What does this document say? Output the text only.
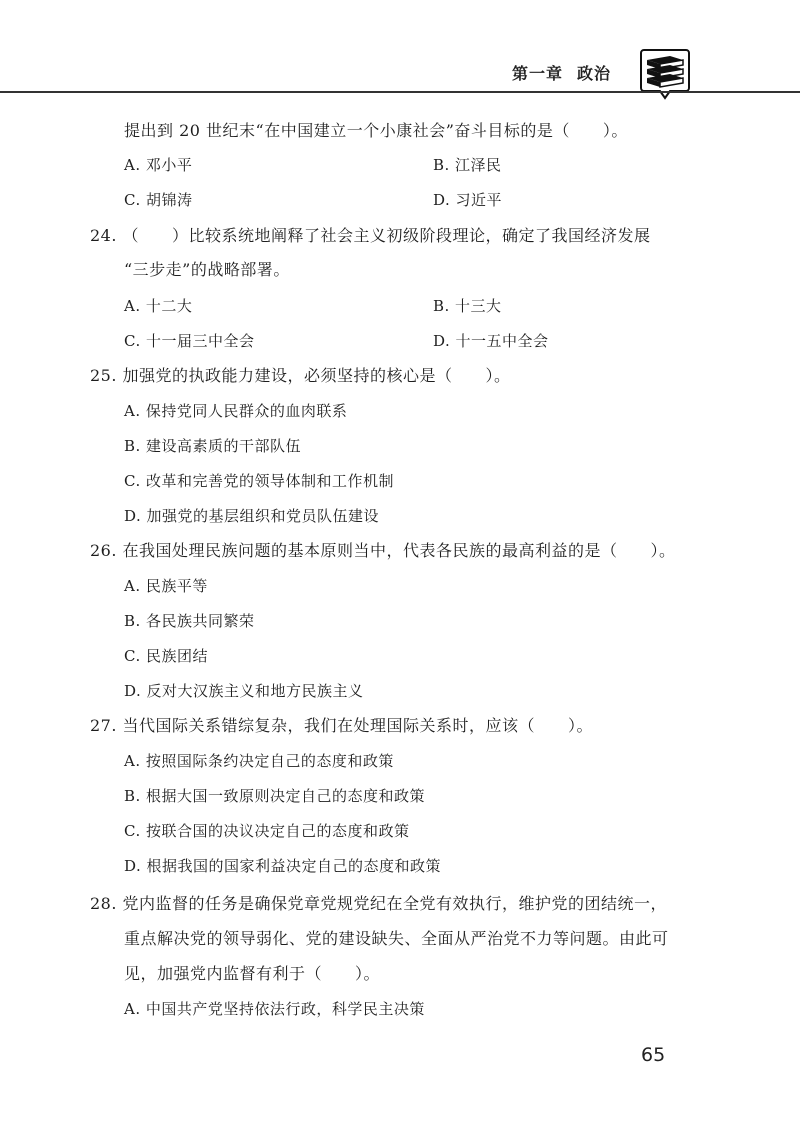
第一章 政治
提出到 20 世纪末“在中国建立一个小康社会”奋斗目标的是（　　）。
A. 邓小平	B. 江泽民
C. 胡锦涛	D. 习近平
24. （　　）比较系统地阐释了社会主义初级阶段理论，确定了我国经济发展
“三步走”的战略部署。
A. 十二大	B. 十三大
C. 十一届三中全会	D. 十一五中全会
25. 加强党的执政能力建设，必须坚持的核心是（　　）。
A. 保持党同人民群众的血肉联系
B. 建设高素质的干部队伍
C. 改革和完善党的领导体制和工作机制
D. 加强党的基层组织和党员队伍建设
26. 在我国处理民族问题的基本原则当中，代表各民族的最高利益的是（　　）。
A. 民族平等
B. 各民族共同繁荣
C. 民族团结
D. 反对大汉族主义和地方民族主义
27. 当代国际关系错综复杂，我们在处理国际关系时，应该（　　）。
A. 按照国际条约决定自己的态度和政策
B. 根据大国一致原则决定自己的态度和政策
C. 按联合国的决议决定自己的态度和政策
D. 根据我国的国家利益决定自己的态度和政策
28. 党内监督的任务是确保党章党规党纪在全党有效执行，维护党的团结统一，
重点解决党的领导弱化、党的建设缺失、全面从严治党不力等问题。由此可
见，加强党内监督有利于（　　）。
A. 中国共产党坚持依法行政，科学民主决策
65
